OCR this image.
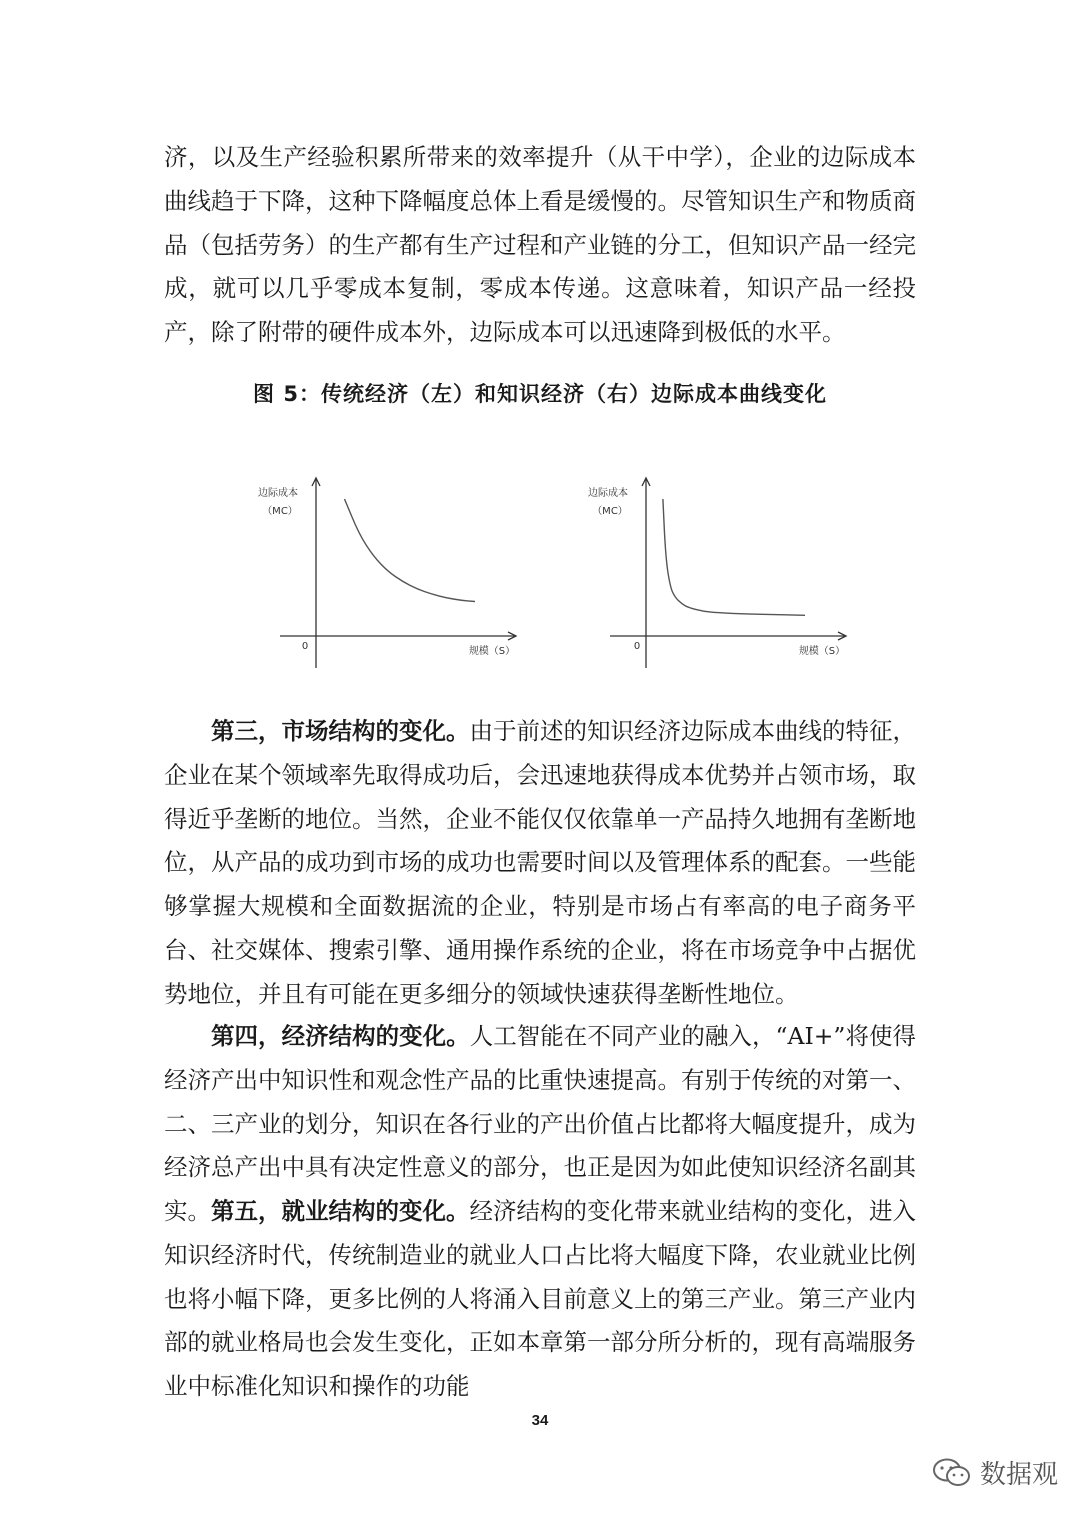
济，以及生产经验积累所带来的效率提升（从干中学），企业的边际成本曲线趋于下降，这种下降幅度总体上看是缓慢的。尽管知识生产和物质商品（包括劳务）的生产都有生产过程和产业链的分工，但知识产品一经完成，就可以几乎零成本复制，零成本传递。这意味着，知识产品一经投产，除了附带的硬件成本外，边际成本可以迅速降到极低的水平。

图 5：传统经济（左）和知识经济（右）边际成本曲线变化
边际成本
（MC）
0	规模（S）
边际成本
（MC）
0	规模（S）

第三，市场结构的变化。由于前述的知识经济边际成本曲线的特征，企业在某个领域率先取得成功后，会迅速地获得成本优势并占领市场，取得近乎垄断的地位。当然，企业不能仅仅依靠单一产品持久地拥有垄断地位，从产品的成功到市场的成功也需要时间以及管理体系的配套。一些能够掌握大规模和全面数据流的企业，特别是市场占有率高的电子商务平台、社交媒体、搜索引擎、通用操作系统的企业，将在市场竞争中占据优势地位，并且有可能在更多细分的领域快速获得垄断性地位。

第四，经济结构的变化。人工智能在不同产业的融入，“AI+”将使得经济产出中知识性和观念性产品的比重快速提高。有别于传统的对第一、二、三产业的划分，知识在各行业的产出价值占比都将大幅度提升，成为经济总产出中具有决定性意义的部分，也正是因为如此使知识经济名副其实。 第五，就业结构的变化。经济结构的变化带来就业结构的变化，进入知识经济时代，传统制造业的就业人口占比将大幅度下降，农业就业比例也将小幅下降，更多比例的人将涌入目前意义上的第三产业。第三产业内部的就业格局也会发生变化，正如本章第一部分所分析的，现有高端服务业中标准化知识和操作的功能

34
数据观
